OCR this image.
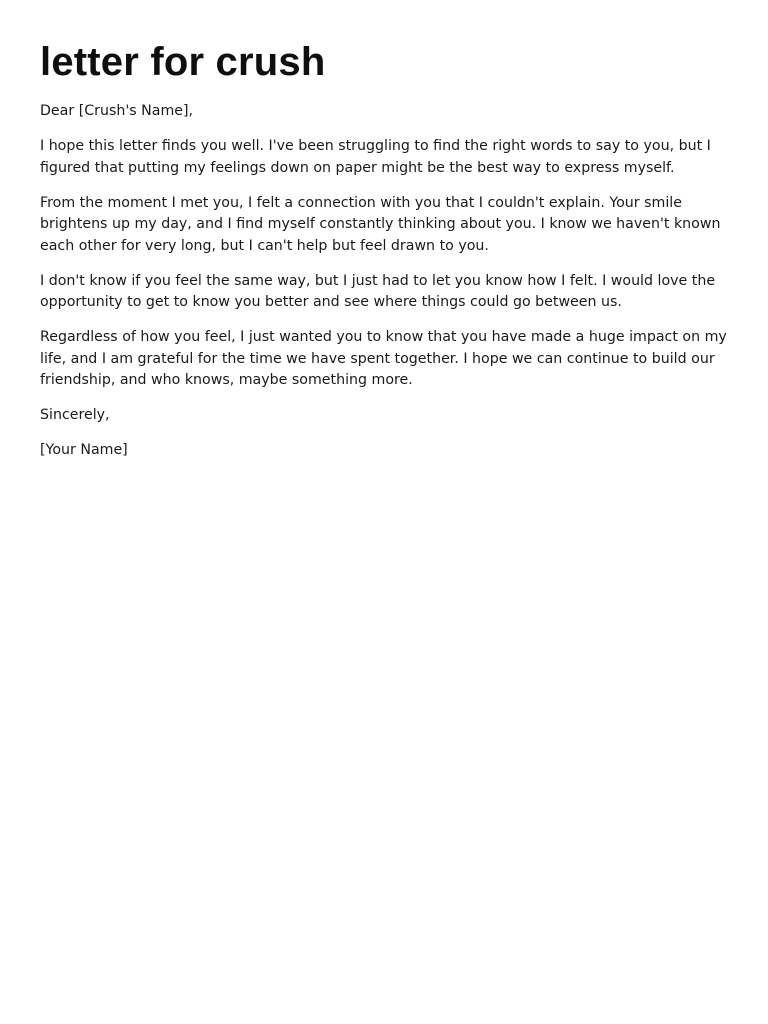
letter for crush

Dear [Crush's Name],

I hope this letter finds you well. I've been struggling to find the right words to say to you, but I figured that putting my feelings down on paper might be the best way to express myself.

From the moment I met you, I felt a connection with you that I couldn't explain. Your smile brightens up my day, and I find myself constantly thinking about you. I know we haven't known each other for very long, but I can't help but feel drawn to you.

I don't know if you feel the same way, but I just had to let you know how I felt. I would love the opportunity to get to know you better and see where things could go between us.

Regardless of how you feel, I just wanted you to know that you have made a huge impact on my life, and I am grateful for the time we have spent together. I hope we can continue to build our friendship, and who knows, maybe something more.

Sincerely,

[Your Name]
